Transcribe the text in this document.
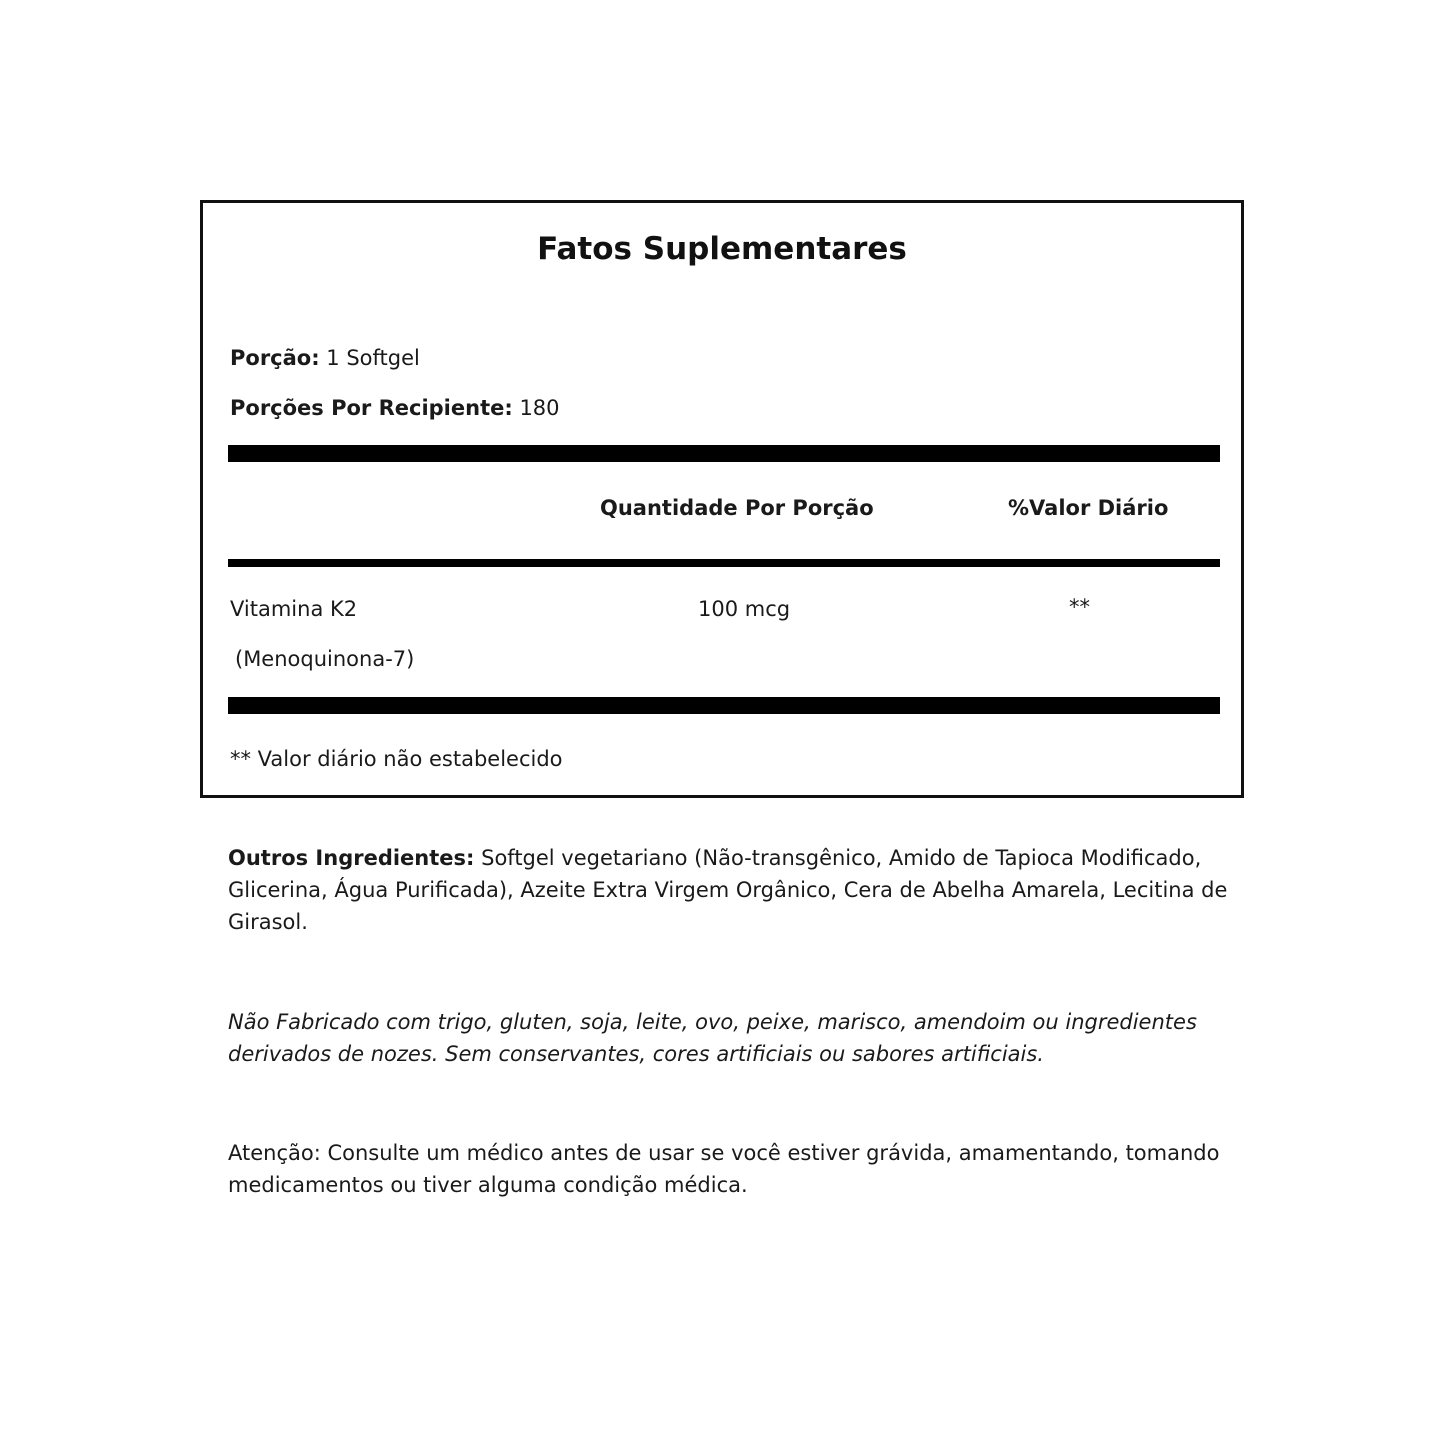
Fatos Suplementares
Porção: 1 Softgel
Porções Por Recipiente: 180
Quantidade Por Porção	%Valor Diário
Vitamina K2
(Menoquinona-7)
100 mcg	**
** Valor diário não estabelecido
Outros Ingredientes: Softgel vegetariano (Não-transgênico, Amido de Tapioca Modificado, Glicerina, Água Purificada), Azeite Extra Virgem Orgânico, Cera de Abelha Amarela, Lecitina de Girasol.
Não Fabricado com trigo, gluten, soja, leite, ovo, peixe, marisco, amendoim ou ingredientes derivados de nozes. Sem conservantes, cores artificiais ou sabores artificiais.
Atenção: Consulte um médico antes de usar se você estiver grávida, amamentando, tomando medicamentos ou tiver alguma condição médica.
